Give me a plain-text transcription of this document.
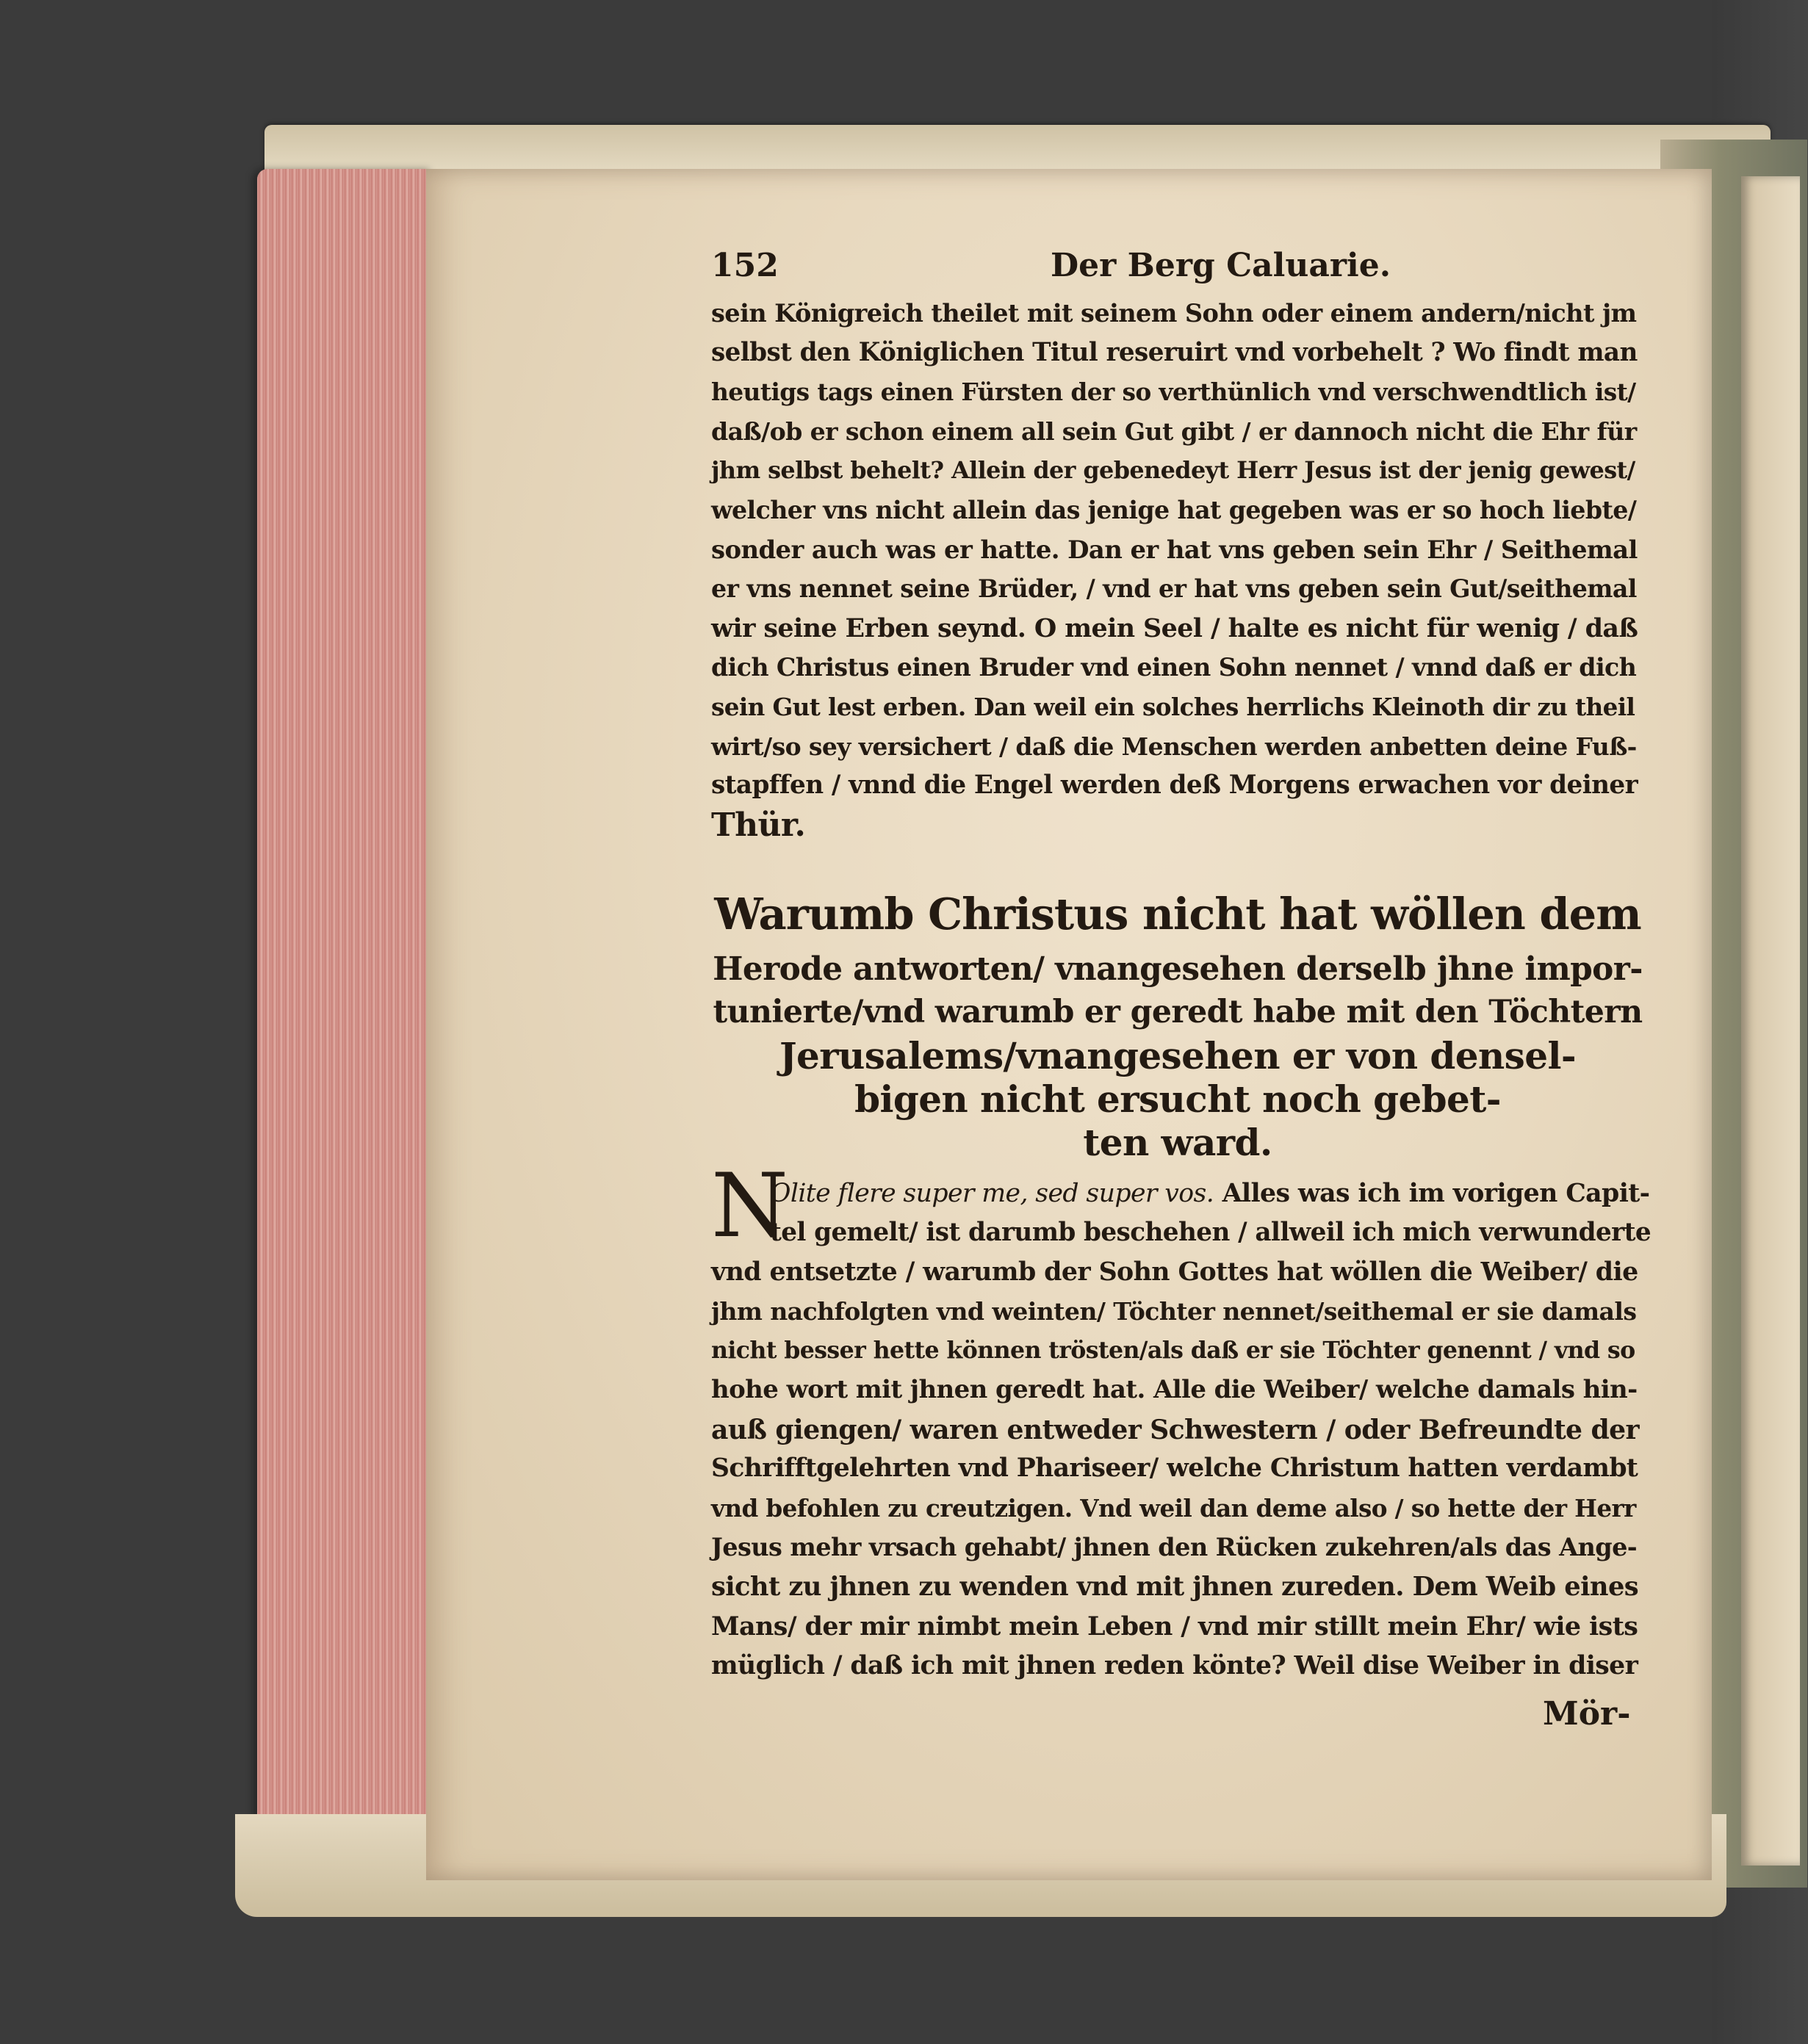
152	Der Berg Caluarie.
sein Königreich theilet mit seinem Sohn oder einem andern/nicht jm
selbst den Königlichen Titul reseruirt vnd vorbehelt ? Wo findt man
heutigs tags einen Fürsten der so verthünlich vnd verschwendtlich ist/
daß/ob er schon einem all sein Gut gibt / er dannoch nicht die Ehr für
jhm selbst behelt? Allein der gebenedeyt Herr Jesus ist der jenig gewest/
welcher vns nicht allein das jenige hat gegeben was er so hoch liebte/
sonder auch was er hatte. Dan er hat vns geben sein Ehr / Seithemal
er vns nennet seine Brüder, / vnd er hat vns geben sein Gut/seithemal
wir seine Erben seynd. O mein Seel / halte es nicht für wenig / daß
dich Christus einen Bruder vnd einen Sohn nennet / vnnd daß er dich
sein Gut lest erben. Dan weil ein solches herrlichs Kleinoth dir zu theil
wirt/so sey versichert / daß die Menschen werden anbetten deine Fuß-
stapffen / vnnd die Engel werden deß Morgens erwachen vor deiner
Thür.
Warumb Christus nicht hat wöllen dem
Herode antworten/ vnangesehen derselb jhne impor-
tunierte/vnd warumb er geredt habe mit den Töchtern
Jerusalems/vnangesehen er von densel-
bigen nicht ersucht noch gebet-
ten ward.
N
Olite flere super me, sed super vos. Alles was ich im vorigen Capit-
tel gemelt/ ist darumb beschehen / allweil ich mich verwunderte
vnd entsetzte / warumb der Sohn Gottes hat wöllen die Weiber/ die
jhm nachfolgten vnd weinten/ Töchter nennet/seithemal er sie damals
nicht besser hette können trösten/als daß er sie Töchter genennt / vnd so
hohe wort mit jhnen geredt hat. Alle die Weiber/ welche damals hin-
auß giengen/ waren entweder Schwestern / oder Befreundte der
Schrifftgelehrten vnd Phariseer/ welche Christum hatten verdambt
vnd befohlen zu creutzigen. Vnd weil dan deme also / so hette der Herr
Jesus mehr vrsach gehabt/ jhnen den Rücken zukehren/als das Ange-
sicht zu jhnen zu wenden vnd mit jhnen zureden. Dem Weib eines
Mans/ der mir nimbt mein Leben / vnd mir stillt mein Ehr/ wie ists
müglich / daß ich mit jhnen reden könte? Weil dise Weiber in diser
Mör-
